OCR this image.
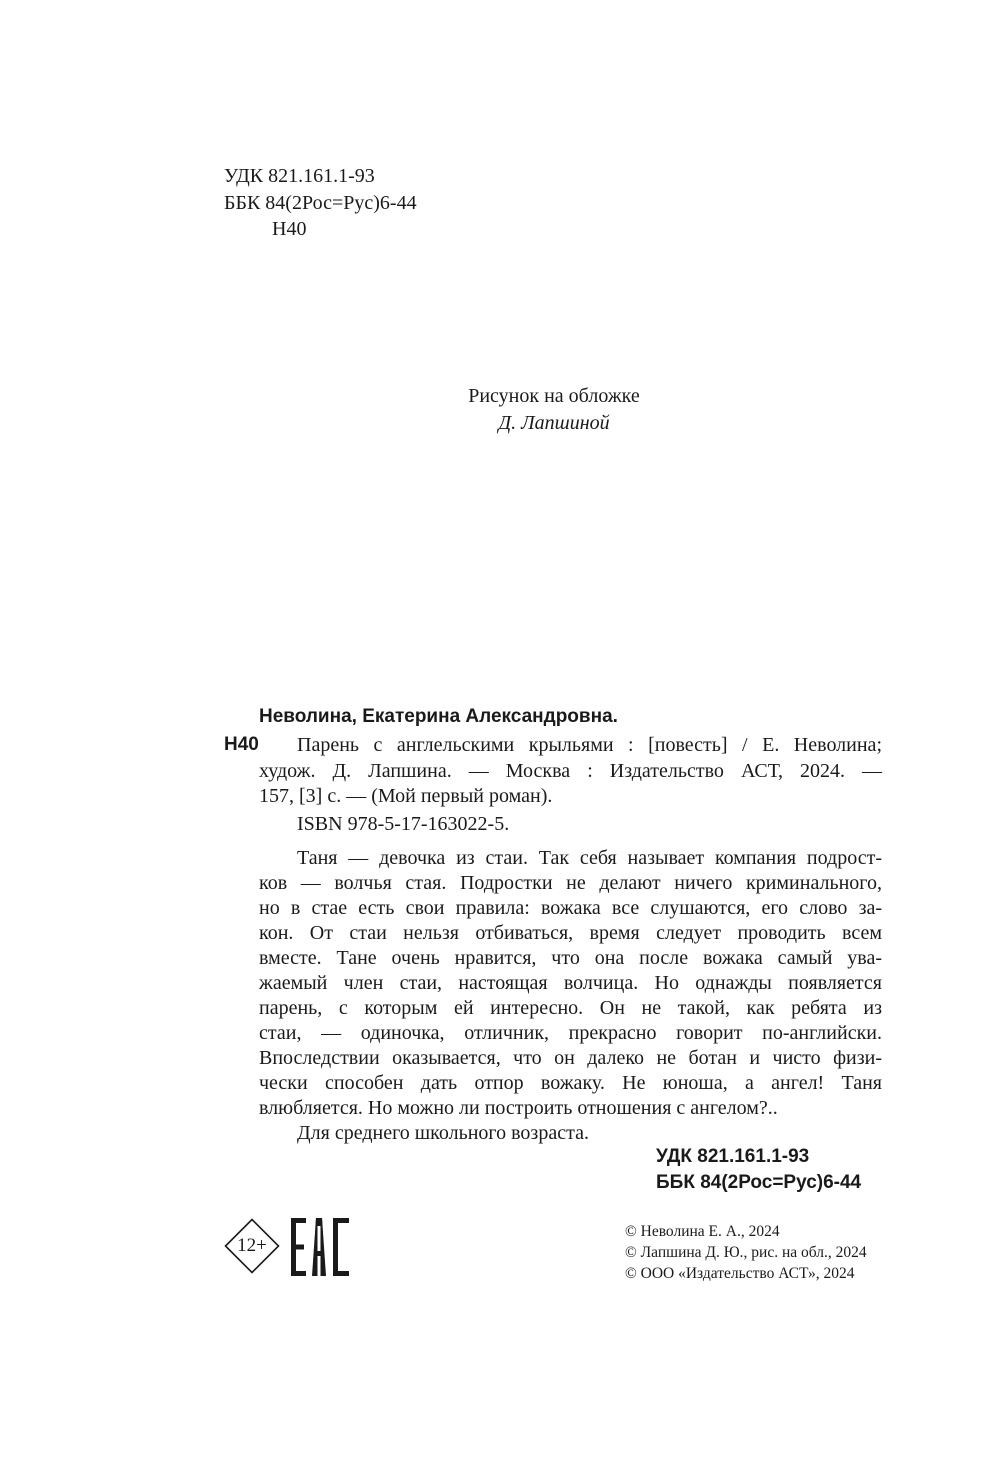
УДК 821.161.1-93
ББК 84(2Рос=Рус)6-44
Н40
Рисунок на обложке
Д. Лапшиной
Неволина, Екатерина Александровна.
Н40 Парень с англельскими крыльями : [повесть] / Е. Неволина;
худож. Д. Лапшина. — Москва : Издательство АСТ, 2024. —
157, [3] с. — (Мой первый роман).
ISBN 978-5-17-163022-5.
Таня — девочка из стаи. Так себя называет компания подрост-
ков — волчья стая. Подростки не делают ничего криминального,
но в стае есть свои правила: вожака все слушаются, его слово за-
кон. От стаи нельзя отбиваться, время следует проводить всем
вместе. Тане очень нравится, что она после вожака самый ува-
жаемый член стаи, настоящая волчица. Но однажды появляется
парень, с которым ей интересно. Он не такой, как ребята из
стаи, — одиночка, отличник, прекрасно говорит по-английски.
Впоследствии оказывается, что он далеко не ботан и чисто физи-
чески способен дать отпор вожаку. Не юноша, а ангел! Таня
влюбляется. Но можно ли построить отношения с ангелом?..
Для среднего школьного возраста.
УДК 821.161.1-93
ББК 84(2Рос=Рус)6-44
12+
© Неволина Е. А., 2024
© Лапшина Д. Ю., рис. на обл., 2024
© ООО «Издательство АСТ», 2024
